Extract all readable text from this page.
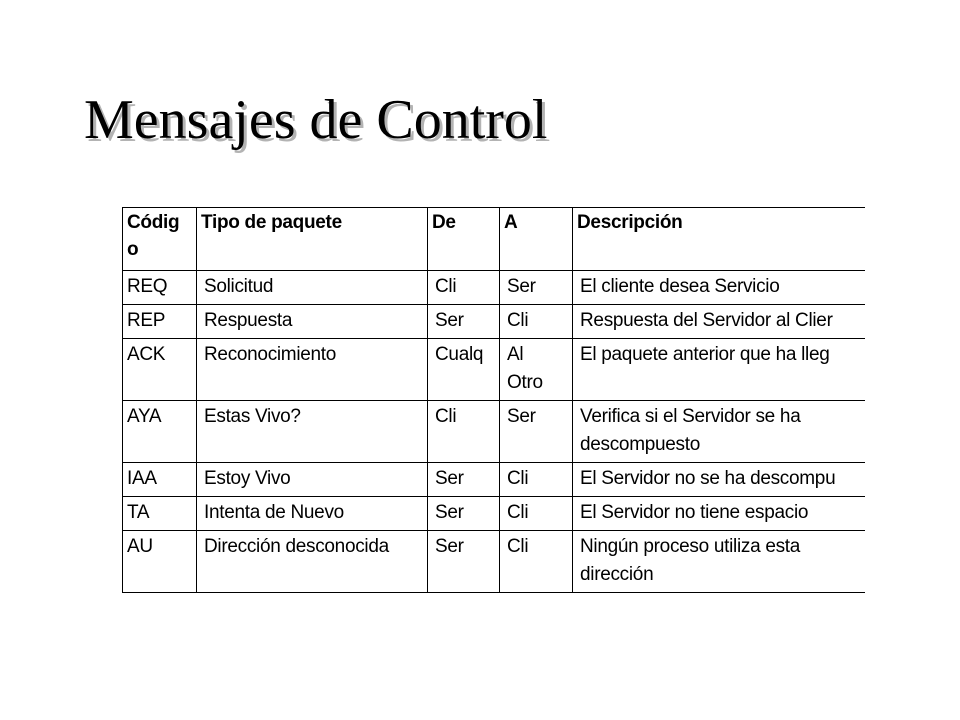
Mensajes de Control
Códig o	Tipo de paquete	De	A	Descripción
REQ	Solicitud	Cli	Ser	El cliente desea Servicio
REP	Respuesta	Ser	Cli	Respuesta del Servidor al Clier
ACK	Reconocimiento	Cualq	Al Otro	El paquete anterior que ha lleg
AYA	Estas Vivo?	Cli	Ser	Verifica si el Servidor se ha descompuesto
IAA	Estoy Vivo	Ser	Cli	El Servidor no se ha descompu
TA	Intenta de Nuevo	Ser	Cli	El Servidor no tiene espacio
AU	Dirección desconocida	Ser	Cli	Ningún proceso utiliza esta dirección
